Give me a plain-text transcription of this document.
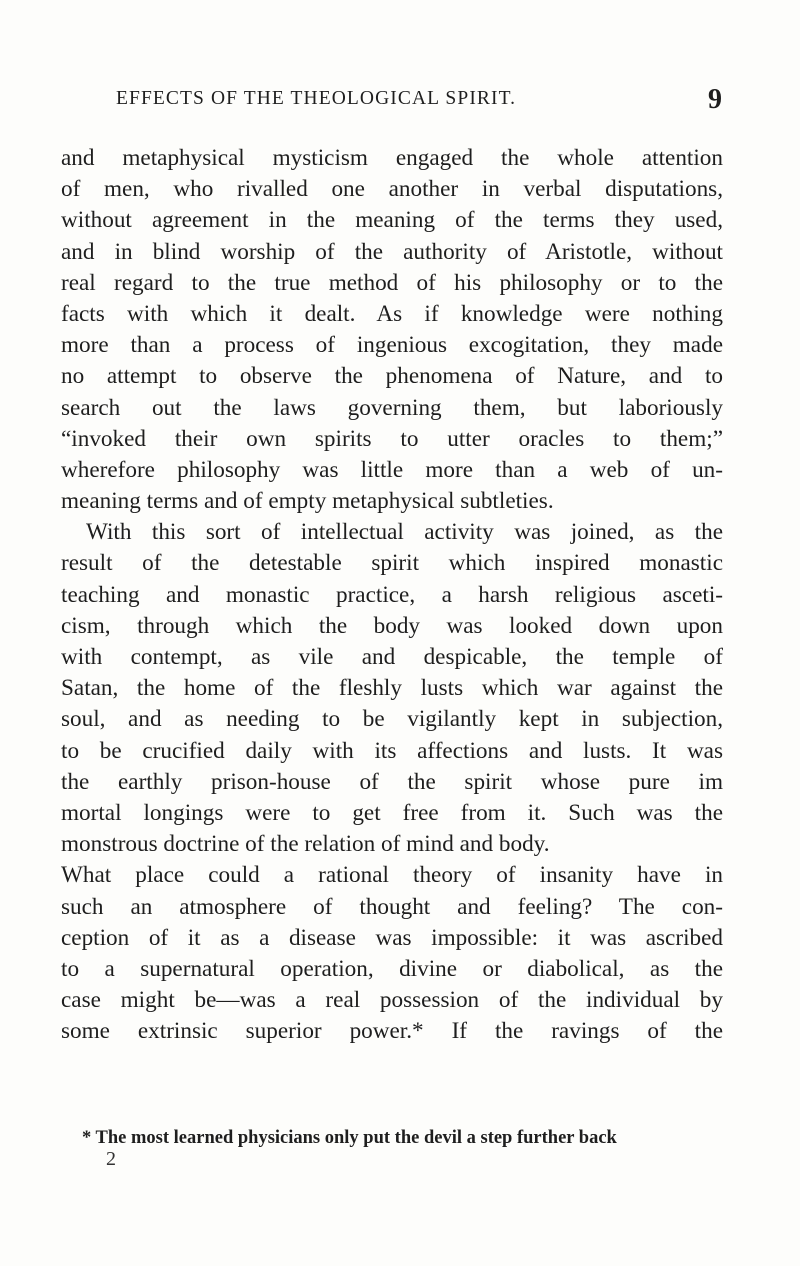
EFFECTS OF THE THEOLOGICAL SPIRIT.	9
and metaphysical mysticism engaged the whole attention
of men, who rivalled one another in verbal disputations,
without agreement in the meaning of the terms they used,
and in blind worship of the authority of Aristotle, without
real regard to the true method of his philosophy or to the
facts with which it dealt. As if knowledge were nothing
more than a process of ingenious excogitation, they made
no attempt to observe the phenomena of Nature, and to
search out the laws governing them, but laboriously
“invoked their own spirits to utter oracles to them;”
wherefore philosophy was little more than a web of un-
meaning terms and of empty metaphysical subtleties.
With this sort of intellectual activity was joined, as the
result of the detestable spirit which inspired monastic
teaching and monastic practice, a harsh religious asceti-
cism, through which the body was looked down upon
with contempt, as vile and despicable, the temple of
Satan, the home of the fleshly lusts which war against the
soul, and as needing to be vigilantly kept in subjection,
to be crucified daily with its affections and lusts. It was
the earthly prison-house of the spirit whose pure im
mortal longings were to get free from it. Such was the
monstrous doctrine of the relation of mind and body.
What place could a rational theory of insanity have in
such an atmosphere of thought and feeling? The con-
ception of it as a disease was impossible: it was ascribed
to a supernatural operation, divine or diabolical, as the
case might be—was a real possession of the individual by
some extrinsic superior power.* If the ravings of the
* The most learned physicians only put the devil a step further back
2
